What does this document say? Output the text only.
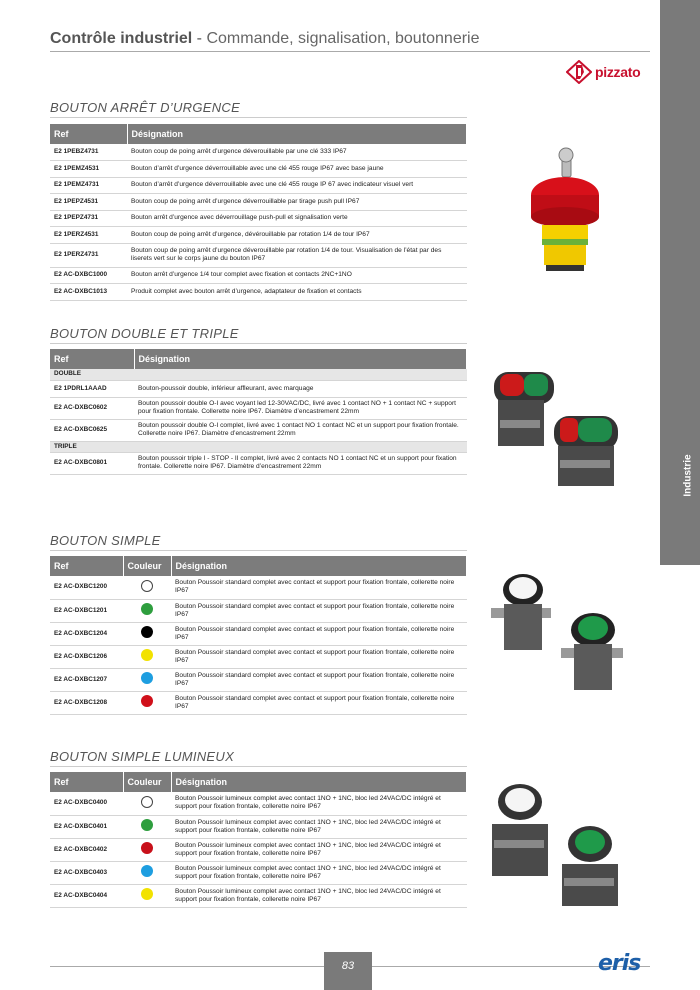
Contrôle industriel - Commande, signalisation, boutonnerie
pizzato
Industrie
BOUTON ARRÊT D’URGENCE
Ref	Désignation
E2 1PEBZ4731	Bouton coup de poing arrêt d’urgence déverouillable par une clé 333 IP67
E2 1PEMZ4531	Bouton d’arrêt d’urgence déverrouillable avec une clé 455 rouge IP67 avec base jaune
E2 1PEMZ4731	Bouton d’arrêt d’urgence déverrouillable avec une clé 455 rouge IP 67 avec indicateur visuel vert
E2 1PEPZ4531	Bouton coup de poing arrêt d’urgence déverrouillable par tirage push pull IP67
E2 1PEPZ4731	Bouton arrêt d’urgence avec déverrouillage push-pull et signalisation verte
E2 1PERZ4531	Bouton coup de poing arrêt d’urgence, dévérouillable par rotation 1/4 de tour IP67
E2 1PERZ4731	Bouton coup de poing arrêt d’urgence déverouillable par rotation 1/4 de tour. Visualisation de l’état par des liserets vert sur le corps jaune du bouton IP67
E2 AC-DXBC1000	Bouton arrêt d’urgence 1/4 tour complet avec fixation et contacts 2NC+1NO
E2 AC-DXBC1013	Produit complet avec bouton arrêt d’urgence, adaptateur de fixation et contacts
BOUTON DOUBLE ET TRIPLE
Ref	Désignation
DOUBLE	
E2 1PDRL1AAAD	Bouton-poussoir double, inférieur affleurant, avec marquage
E2 AC-DXBC0602	Bouton poussoir double O-I avec voyant led 12-30VAC/DC, livré avec 1 contact NO + 1 contact NC + support pour fixation frontale. Collerette noire IP67. Diamètre d’encastrement 22mm
E2 AC-DXBC0625	Bouton poussoir double O-I complet, livré avec 1 contact NO 1 contact NC et un support pour fixation frontale. Collerette noire IP67. Diamètre d’encastrement 22mm
TRIPLE	
E2 AC-DXBC0801	Bouton poussoir triple I - STOP - II complet, livré avec 2 contacts NO 1 contact NC et un support pour fixation frontale. Collerette noire IP67. Diamètre d’encastrement 22mm
BOUTON SIMPLE
Ref	Couleur	Désignation
E2 AC-DXBC1200		Bouton Poussoir standard complet avec contact et support pour fixation frontale, collerette noire IP67
E2 AC-DXBC1201		Bouton Poussoir standard complet avec contact et support pour fixation frontale, collerette noire IP67
E2 AC-DXBC1204		Bouton Poussoir standard complet avec contact et support pour fixation frontale, collerette noire IP67
E2 AC-DXBC1206		Bouton Poussoir standard complet avec contact et support pour fixation frontale, collerette noire IP67
E2 AC-DXBC1207		Bouton Poussoir standard complet avec contact et support pour fixation frontale, collerette noire IP67
E2 AC-DXBC1208		Bouton Poussoir standard complet avec contact et support pour fixation frontale, collerette noire IP67
BOUTON SIMPLE LUMINEUX
Ref	Couleur	Désignation
E2 AC-DXBC0400		Bouton Poussoir lumineux complet avec contact 1NO + 1NC, bloc led 24VAC/DC intégré et support pour fixation frontale, collerette noire IP67
E2 AC-DXBC0401		Bouton Poussoir lumineux complet avec contact 1NO + 1NC, bloc led 24VAC/DC intégré et support pour fixation frontale, collerette noire IP67
E2 AC-DXBC0402		Bouton Poussoir lumineux complet avec contact 1NO + 1NC, bloc led 24VAC/DC intégré et support pour fixation frontale, collerette noire IP67
E2 AC-DXBC0403		Bouton Poussoir lumineux complet avec contact 1NO + 1NC, bloc led 24VAC/DC intégré et support pour fixation frontale, collerette noire IP67
E2 AC-DXBC0404		Bouton Poussoir lumineux complet avec contact 1NO + 1NC, bloc led 24VAC/DC intégré et support pour fixation frontale, collerette noire IP67
83	eris
